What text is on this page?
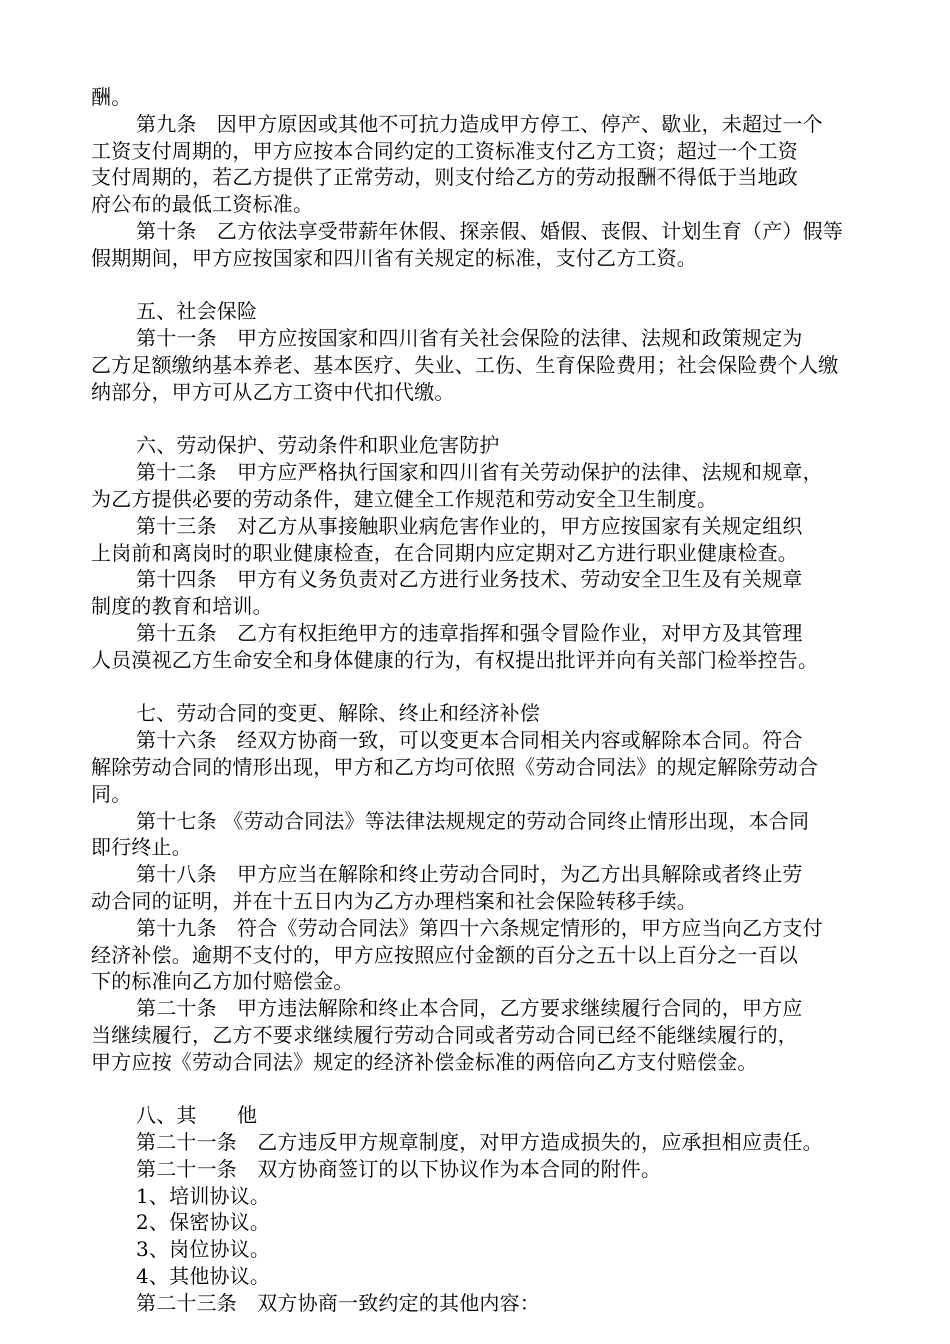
酬。
第九条　因甲方原因或其他不可抗力造成甲方停工、停产、歇业，未超过一个
工资支付周期的，甲方应按本合同约定的工资标准支付乙方工资；超过一个工资
支付周期的，若乙方提供了正常劳动，则支付给乙方的劳动报酬不得低于当地政
府公布的最低工资标准。
第十条　乙方依法享受带薪年休假、探亲假、婚假、丧假、计划生育（产）假等
假期期间，甲方应按国家和四川省有关规定的标准，支付乙方工资。
五、社会保险
第十一条　甲方应按国家和四川省有关社会保险的法律、法规和政策规定为
乙方足额缴纳基本养老、基本医疗、失业、工伤、生育保险费用；社会保险费个人缴
纳部分，甲方可从乙方工资中代扣代缴。
六、劳动保护、劳动条件和职业危害防护
第十二条　甲方应严格执行国家和四川省有关劳动保护的法律、法规和规章，
为乙方提供必要的劳动条件，建立健全工作规范和劳动安全卫生制度。
第十三条　对乙方从事接触职业病危害作业的，甲方应按国家有关规定组织
上岗前和离岗时的职业健康检查，在合同期内应定期对乙方进行职业健康检查。
第十四条　甲方有义务负责对乙方进行业务技术、劳动安全卫生及有关规章
制度的教育和培训。
第十五条　乙方有权拒绝甲方的违章指挥和强令冒险作业，对甲方及其管理
人员漠视乙方生命安全和身体健康的行为，有权提出批评并向有关部门检举控告。
七、劳动合同的变更、解除、终止和经济补偿
第十六条　经双方协商一致，可以变更本合同相关内容或解除本合同。符合
解除劳动合同的情形出现，甲方和乙方均可依照《劳动合同法》的规定解除劳动合
同。
第十七条 《劳动合同法》等法律法规规定的劳动合同终止情形出现，本合同
即行终止。
第十八条　甲方应当在解除和终止劳动合同时，为乙方出具解除或者终止劳
动合同的证明，并在十五日内为乙方办理档案和社会保险转移手续。
第十九条　符合《劳动合同法》第四十六条规定情形的，甲方应当向乙方支付
经济补偿。逾期不支付的，甲方应按照应付金额的百分之五十以上百分之一百以
下的标准向乙方加付赔偿金。
第二十条　甲方违法解除和终止本合同，乙方要求继续履行合同的，甲方应
当继续履行，乙方不要求继续履行劳动合同或者劳动合同已经不能继续履行的，
甲方应按《劳动合同法》规定的经济补偿金标准的两倍向乙方支付赔偿金。
八、其　　他
第二十一条　乙方违反甲方规章制度，对甲方造成损失的，应承担相应责任。
第二十一条　双方协商签订的以下协议作为本合同的附件。
1、培训协议。
2、保密协议。
3、岗位协议。
4、其他协议。
第二十三条　双方协商一致约定的其他内容：
